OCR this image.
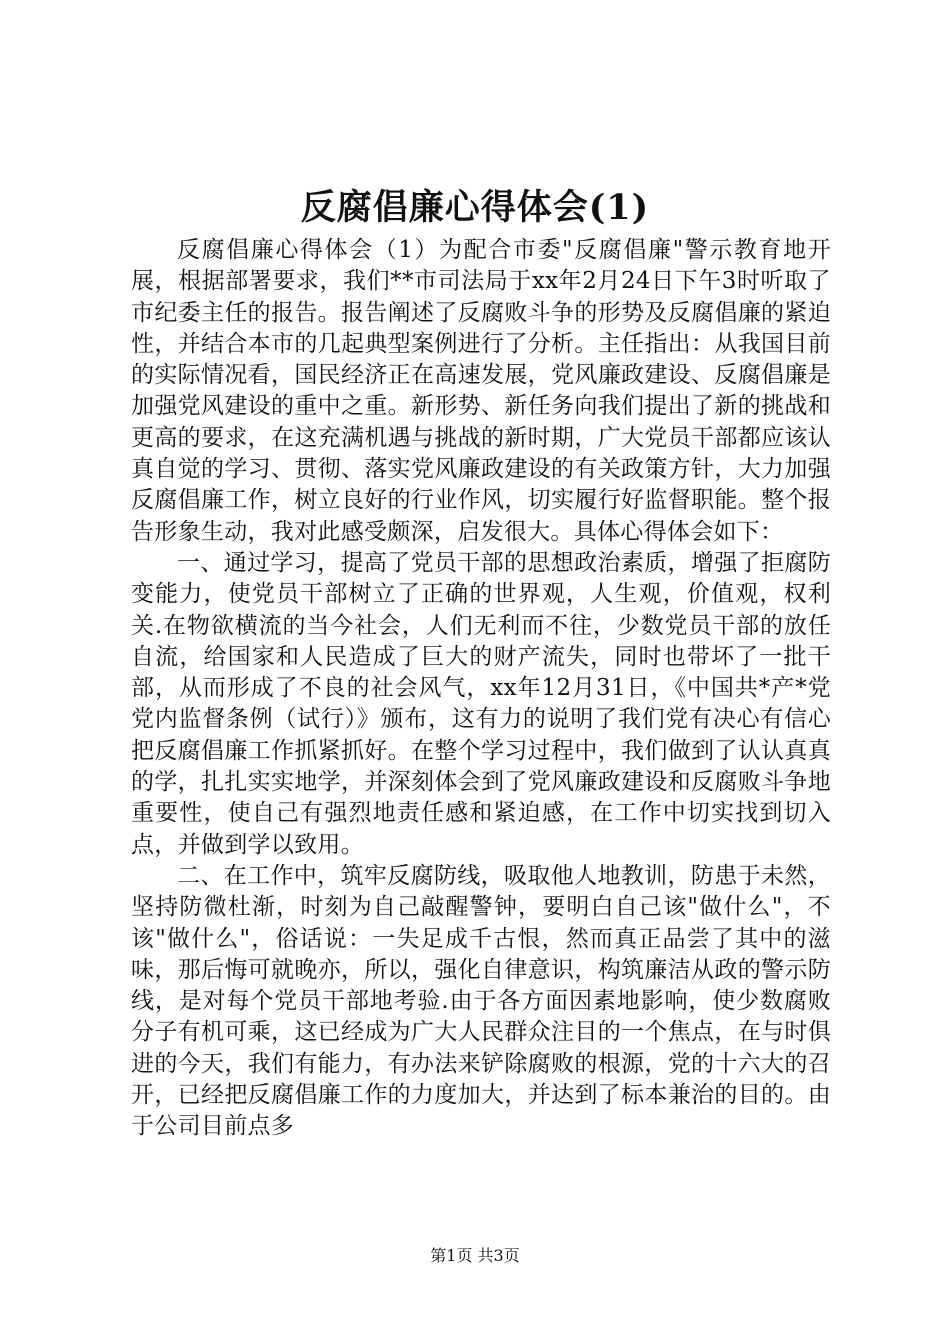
反腐倡廉心得体会(1)

反腐倡廉心得体会（1）为配合市委"反腐倡廉"警示教育地开展，根据部署要求，我们**市司法局于xx年2月24日下午3时听取了市纪委主任的报告。报告阐述了反腐败斗争的形势及反腐倡廉的紧迫性，并结合本市的几起典型案例进行了分析。主任指出：从我国目前的实际情况看，国民经济正在高速发展，党风廉政建设、反腐倡廉是加强党风建设的重中之重。新形势、新任务向我们提出了新的挑战和更高的要求，在这充满机遇与挑战的新时期，广大党员干部都应该认真自觉的学习、贯彻、落实党风廉政建设的有关政策方针，大力加强反腐倡廉工作，树立良好的行业作风，切实履行好监督职能。整个报告形象生动，我对此感受颇深，启发很大。具体心得体会如下：

一、通过学习，提高了党员干部的思想政治素质，增强了拒腐防变能力，使党员干部树立了正确的世界观，人生观，价值观，权利关.在物欲横流的当今社会，人们无利而不往，少数党员干部的放任自流，给国家和人民造成了巨大的财产流失，同时也带坏了一批干部，从而形成了不良的社会风气，xx年12月31日，《中国共*产*党党内监督条例（试行）》颁布，这有力的说明了我们党有决心有信心把反腐倡廉工作抓紧抓好。在整个学习过程中，我们做到了认认真真的学，扎扎实实地学，并深刻体会到了党风廉政建设和反腐败斗争地重要性，使自己有强烈地责任感和紧迫感，在工作中切实找到切入点，并做到学以致用。

二、在工作中，筑牢反腐防线，吸取他人地教训，防患于未然，坚持防微杜渐，时刻为自己敲醒警钟，要明白自己该"做什么"，不该"做什么"，俗话说：一失足成千古恨，然而真正品尝了其中的滋味，那后悔可就晚亦，所以，强化自律意识，构筑廉洁从政的警示防线，是对每个党员干部地考验.由于各方面因素地影响，使少数腐败分子有机可乘，这已经成为广大人民群众注目的一个焦点，在与时俱进的今天，我们有能力，有办法来铲除腐败的根源，党的十六大的召开，已经把反腐倡廉工作的力度加大，并达到了标本兼治的目的。由于公司目前点多

第1页 共3页
